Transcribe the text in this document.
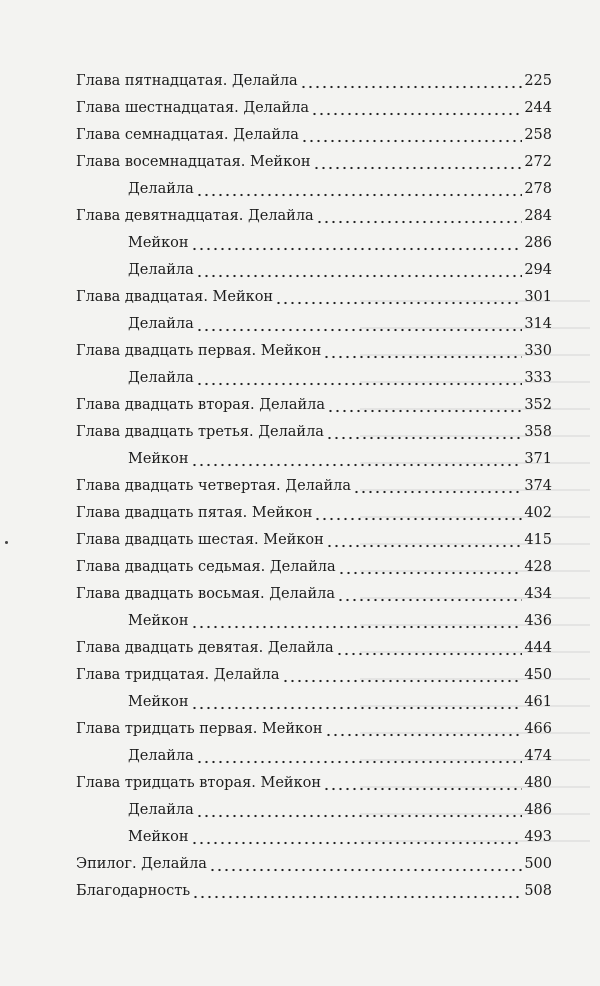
Глава пятнадцатая. Делайла	225
Глава шестнадцатая. Делайла	244
Глава семнадцатая. Делайла	258
Глава восемнадцатая. Мейкон	272
Делайла	278
Глава девятнадцатая. Делайла	284
Мейкон	286
Делайла	294
Глава двадцатая. Мейкон	301
Делайла	314
Глава двадцать первая. Мейкон	330
Делайла	333
Глава двадцать вторая. Делайла	352
Глава двадцать третья. Делайла	358
Мейкон	371
Глава двадцать четвертая. Делайла	374
Глава двадцать пятая. Мейкон	402
Глава двадцать шестая. Мейкон	415
Глава двадцать седьмая. Делайла	428
Глава двадцать восьмая. Делайла	434
Мейкон	436
Глава двадцать девятая. Делайла	444
Глава тридцатая. Делайла	450
Мейкон	461
Глава тридцать первая. Мейкон	466
Делайла	474
Глава тридцать вторая. Мейкон	480
Делайла	486
Мейкон	493
Эпилог. Делайла	500
Благодарность	508
